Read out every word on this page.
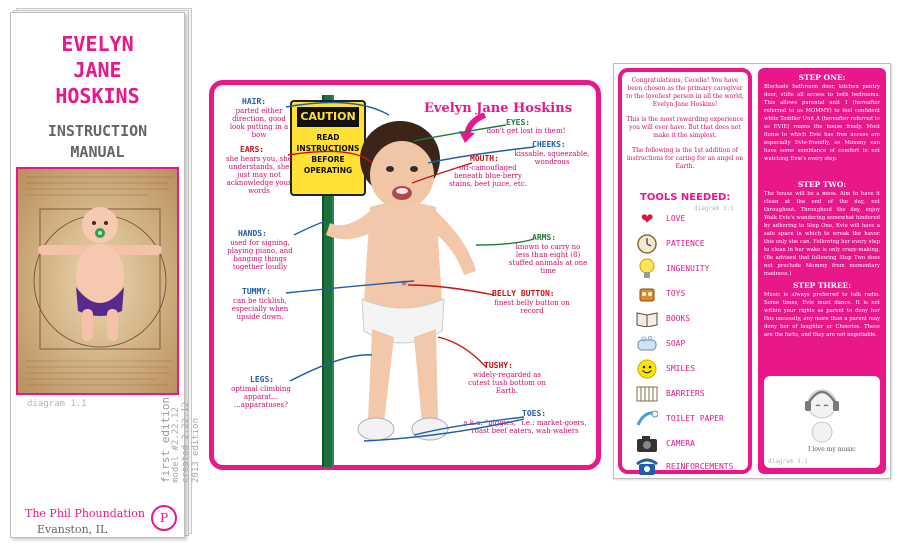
EVELYN
JANE
HOSKINS
INSTRUCTION
MANUAL
diagram 1.1	first edition model #2.22.12 created 2.22.12 2013 edition
The Phil Phoundation
Evanston, IL
P
Evelyn Jane Hoskins
CAUTION
READ INSTRUCTIONS BEFORE OPERATING
HAIR:
parted either direction, good look putting in a bow
EARS:
she hears you, she understands, she just may not acknowledge your words
HANDS:
used for signing, playing piano, and banging things together loudly
TUMMY:
can be ticklish, especially when upside down.
LEGS:
optimal climbing apparat... ...apparatuses?
EYES:
don't get lost in them!
CHEEKS:
kissable, squeezable, wondrous
MOUTH:
oft-camouflaged beneath blue-berry stains, beet juice, etc.
ARMS:
known to carry no less than eight (8) stuffed animals at one time
BELLY BUTTON:
finest belly button on record
TUSHY:
widely-regarded as cutest tush bottom on Earth.
TOES:
a.k.a. "piggies," i.e.: market-goers, roast beef eaters, wah-wahers
Congratulations, Cecelia! You have been chosen as the primary caregiver to the loveliest person in all the world, Evelyn Jane Hoskins!
This is the most rewarding experience you will ever have. But that does not make it the simplest.
The following is the 1st addition of instructions for caring for an angel on Earth.
TOOLS NEEDED:
diagram 3.1
❤	LOVE
PATIENCE
INGENUITY
TOYS
BOOKS
SOAP
SMILES
BARRIERS
TOILET PAPER
CAMERA
REINFORCEMENTS
STEP ONE:
Blockade bathroom door, kitchen pantry door, stifle all access to both bedrooms. This allows parental unit 1 (hereafter referred to as MOMMY) to feel confident while Toddler Unit A (hereafter referred to as EVIE) roams the house freely. Most items to which Evie has free access are especially Evie-friendly, so Mommy can have some semblance of comfort in not watching Evie's every step.
STEP TWO:
The house will be a mess. Aim to have it clean at the end of the day, not throughout. Throughout the day, enjoy Walk Evie's wandering somewhat hindered by adhering to Step One, Evie will have a safe space in which to wreak the havoc this only she can. Following her every step to clean in her wake is only crazy-making. (Be advised that following Step Two does not preclude Mommy from momentary madness.)
STEP THREE:
Music is always preferred to talk radio. Some times, Evie must dance. It is not within your rights as parent to deny her this necessity, any more than a parent may deny her of laughter or Cheerios. These are the facts, and they are not negotiable.
I love my music
diagram 3.1
